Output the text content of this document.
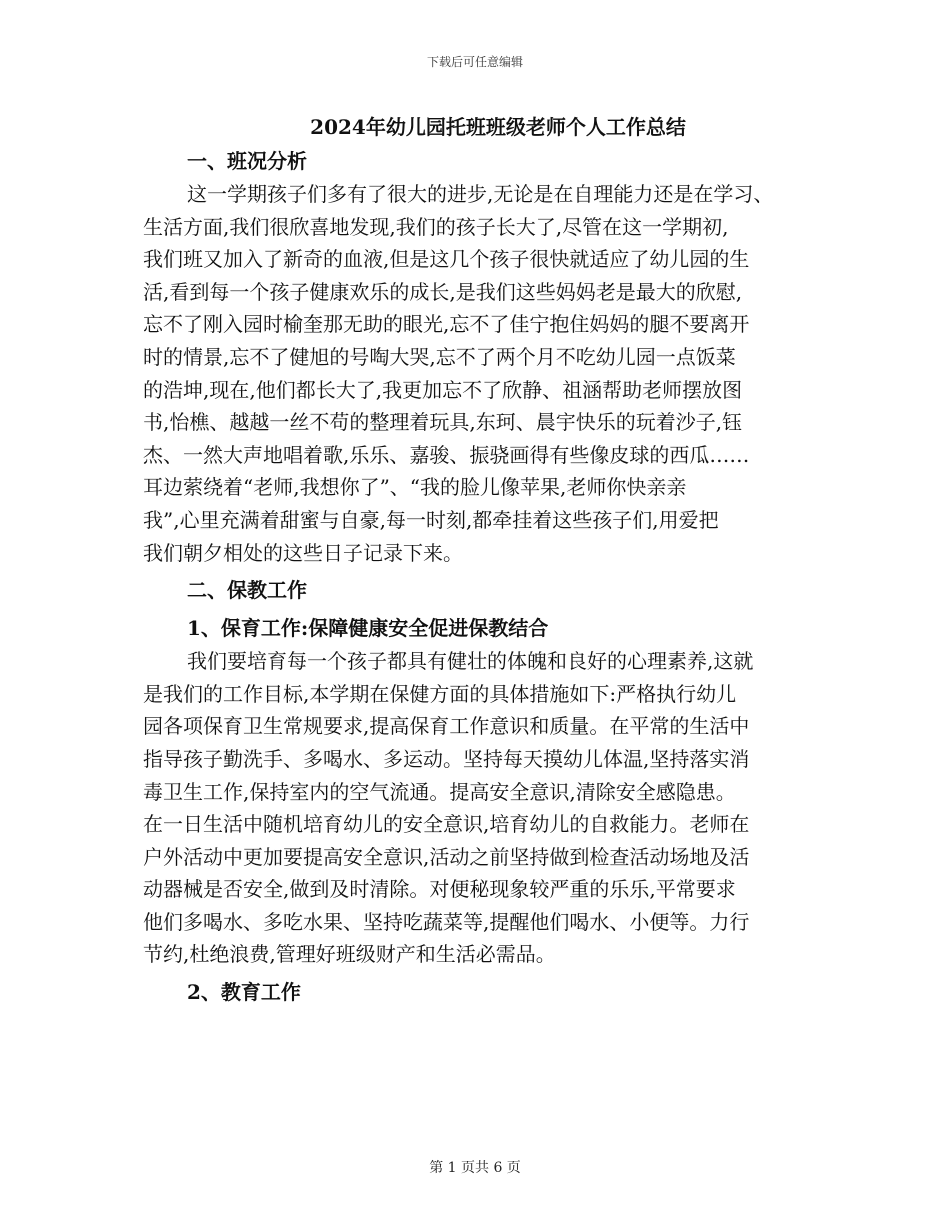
下载后可任意编辑
2024年幼儿园托班班级老师个人工作总结
一、班况分析
这一学期孩子们多有了很大的进步,无论是在自理能力还是在学习、
生活方面,我们很欣喜地发现,我们的孩子长大了,尽管在这一学期初,
我们班又加入了新奇的血液,但是这几个孩子很快就适应了幼儿园的生
活,看到每一个孩子健康欢乐的成长,是我们这些妈妈老是最大的欣慰,
忘不了刚入园时榆奎那无助的眼光,忘不了佳宁抱住妈妈的腿不要离开
时的情景,忘不了健旭的号啕大哭,忘不了两个月不吃幼儿园一点饭菜
的浩坤,现在,他们都长大了,我更加忘不了欣静、祖涵帮助老师摆放图
书,怡樵、越越一丝不苟的整理着玩具,东珂、晨宇快乐的玩着沙子,钰
杰、一然大声地唱着歌,乐乐、嘉骏、振骁画得有些像皮球的西瓜……
耳边萦绕着“老师,我想你了”、“我的脸儿像苹果,老师你快亲亲
我”,心里充满着甜蜜与自豪,每一时刻,都牵挂着这些孩子们,用爱把
我们朝夕相处的这些日子记录下来。
二、保教工作
1、保育工作:保障健康安全促进保教结合
我们要培育每一个孩子都具有健壮的体魄和良好的心理素养,这就
是我们的工作目标,本学期在保健方面的具体措施如下:严格执行幼儿
园各项保育卫生常规要求,提高保育工作意识和质量。在平常的生活中
指导孩子勤洗手、多喝水、多运动。坚持每天摸幼儿体温,坚持落实消
毒卫生工作,保持室内的空气流通。提高安全意识,清除安全感隐患。
在一日生活中随机培育幼儿的安全意识,培育幼儿的自救能力。老师在
户外活动中更加要提高安全意识,活动之前坚持做到检查活动场地及活
动器械是否安全,做到及时清除。对便秘现象较严重的乐乐,平常要求
他们多喝水、多吃水果、坚持吃蔬菜等,提醒他们喝水、小便等。力行
节约,杜绝浪费,管理好班级财产和生活必需品。
2、教育工作
第 1 页共 6 页
